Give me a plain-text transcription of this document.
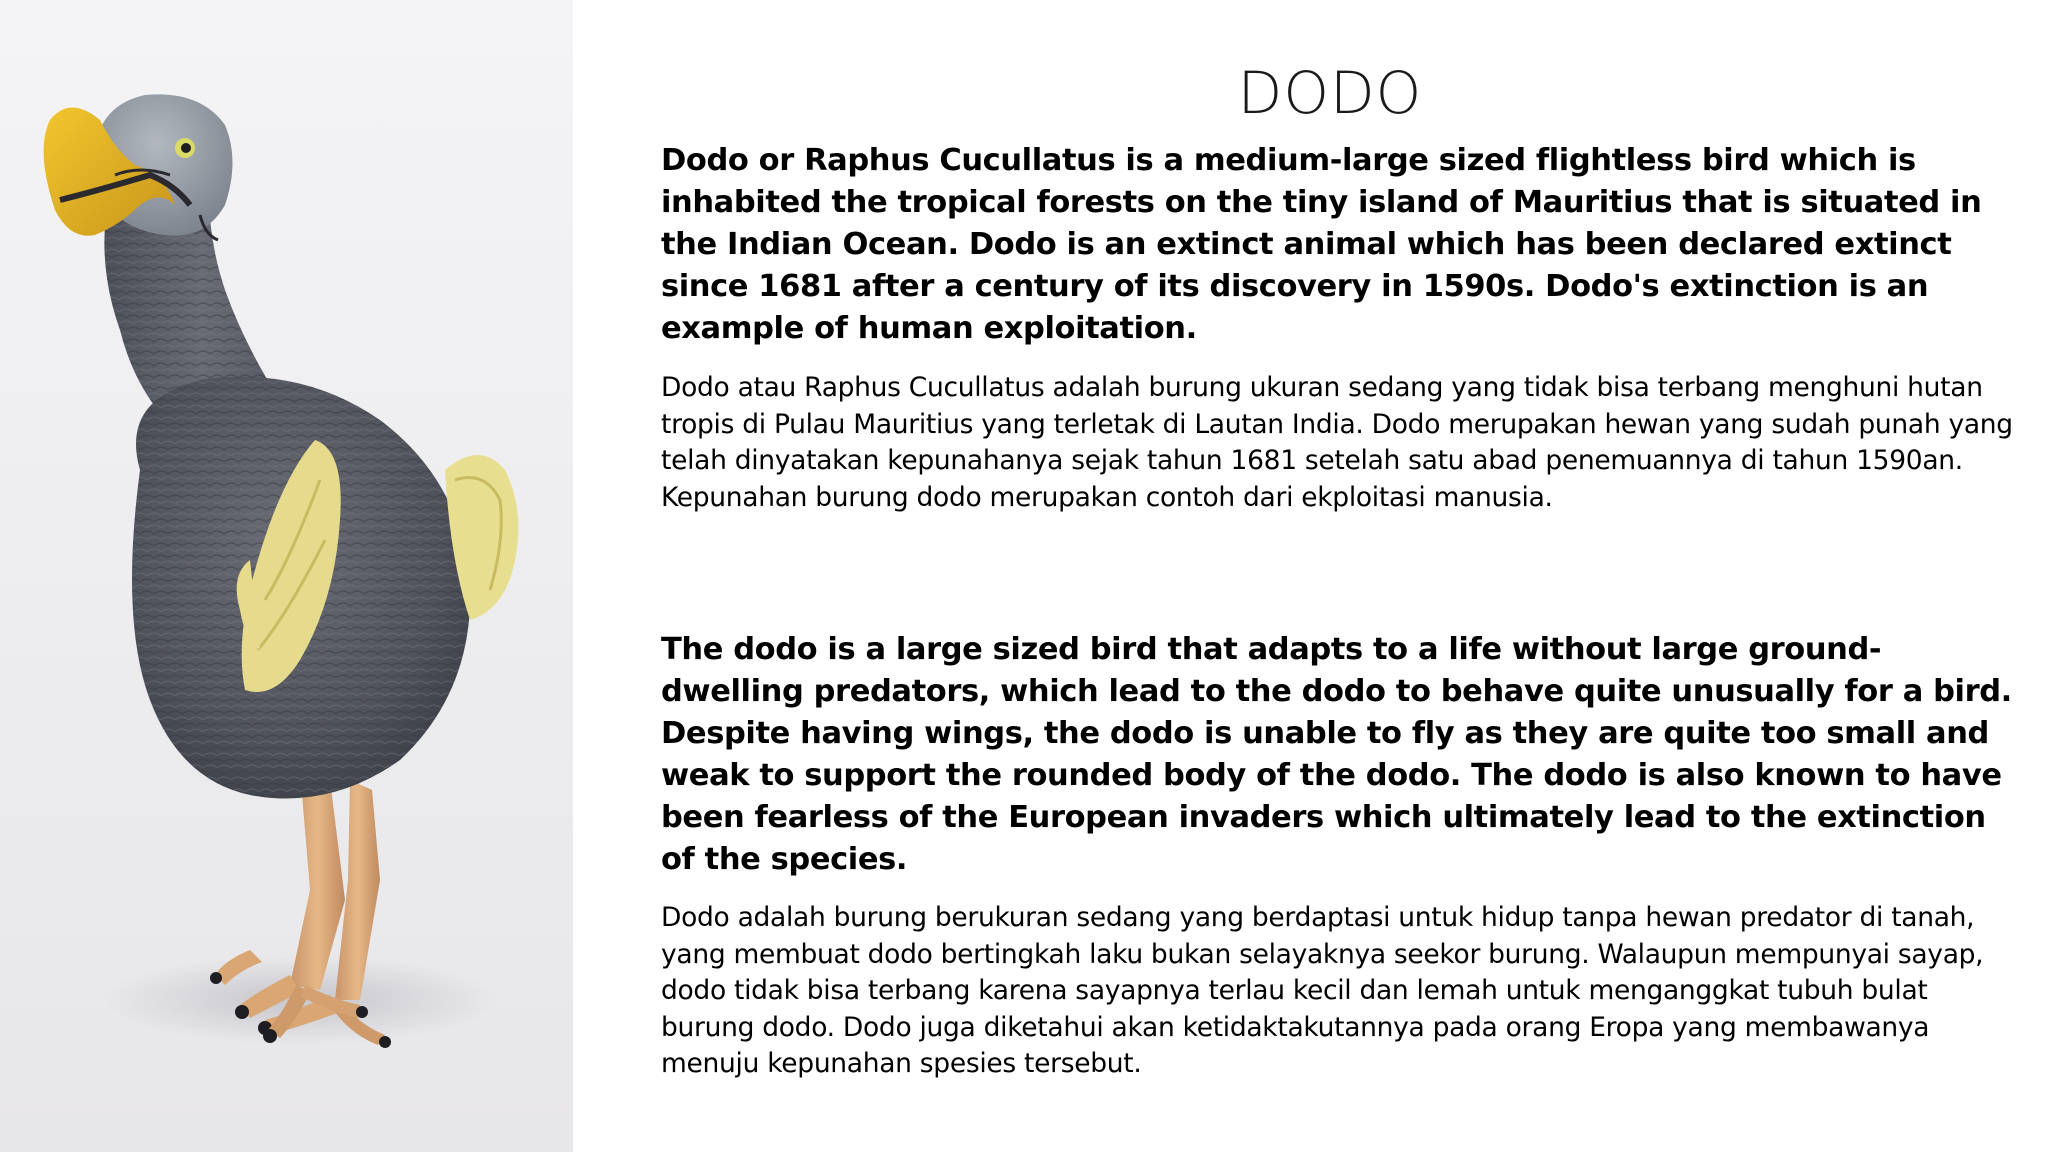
DODO

Dodo or Raphus Cucullatus is a medium-large sized flightless bird which is inhabited the tropical forests on the tiny island of Mauritius that is situated in the Indian Ocean. Dodo is an extinct animal which has been declared extinct since 1681 after a century of its discovery in 1590s. Dodo's extinction is an example of human exploitation.

Dodo atau Raphus Cucullatus adalah burung ukuran sedang yang tidak bisa terbang menghuni hutan tropis di Pulau Mauritius yang terletak di Lautan India. Dodo merupakan hewan yang sudah punah yang telah dinyatakan kepunahanya sejak tahun 1681 setelah satu abad penemuannya di tahun 1590an. Kepunahan burung dodo merupakan contoh dari ekploitasi manusia.

The dodo is a large sized bird that adapts to a life without large ground-dwelling predators, which lead to the dodo to behave quite unusually for a bird. Despite having wings, the dodo is unable to fly as they are quite too small and weak to support the rounded body of the dodo. The dodo is also known to have been fearless of the European invaders which ultimately lead to the extinction of the species.

Dodo adalah burung berukuran sedang yang berdaptasi untuk hidup tanpa hewan predator di tanah, yang membuat dodo bertingkah laku bukan selayaknya seekor burung. Walaupun mempunyai sayap, dodo tidak bisa terbang karena sayapnya terlau kecil dan lemah untuk menganggkat tubuh bulat burung dodo. Dodo juga diketahui akan ketidaktakutannya pada orang Eropa yang membawanya menuju kepunahan spesies tersebut.
